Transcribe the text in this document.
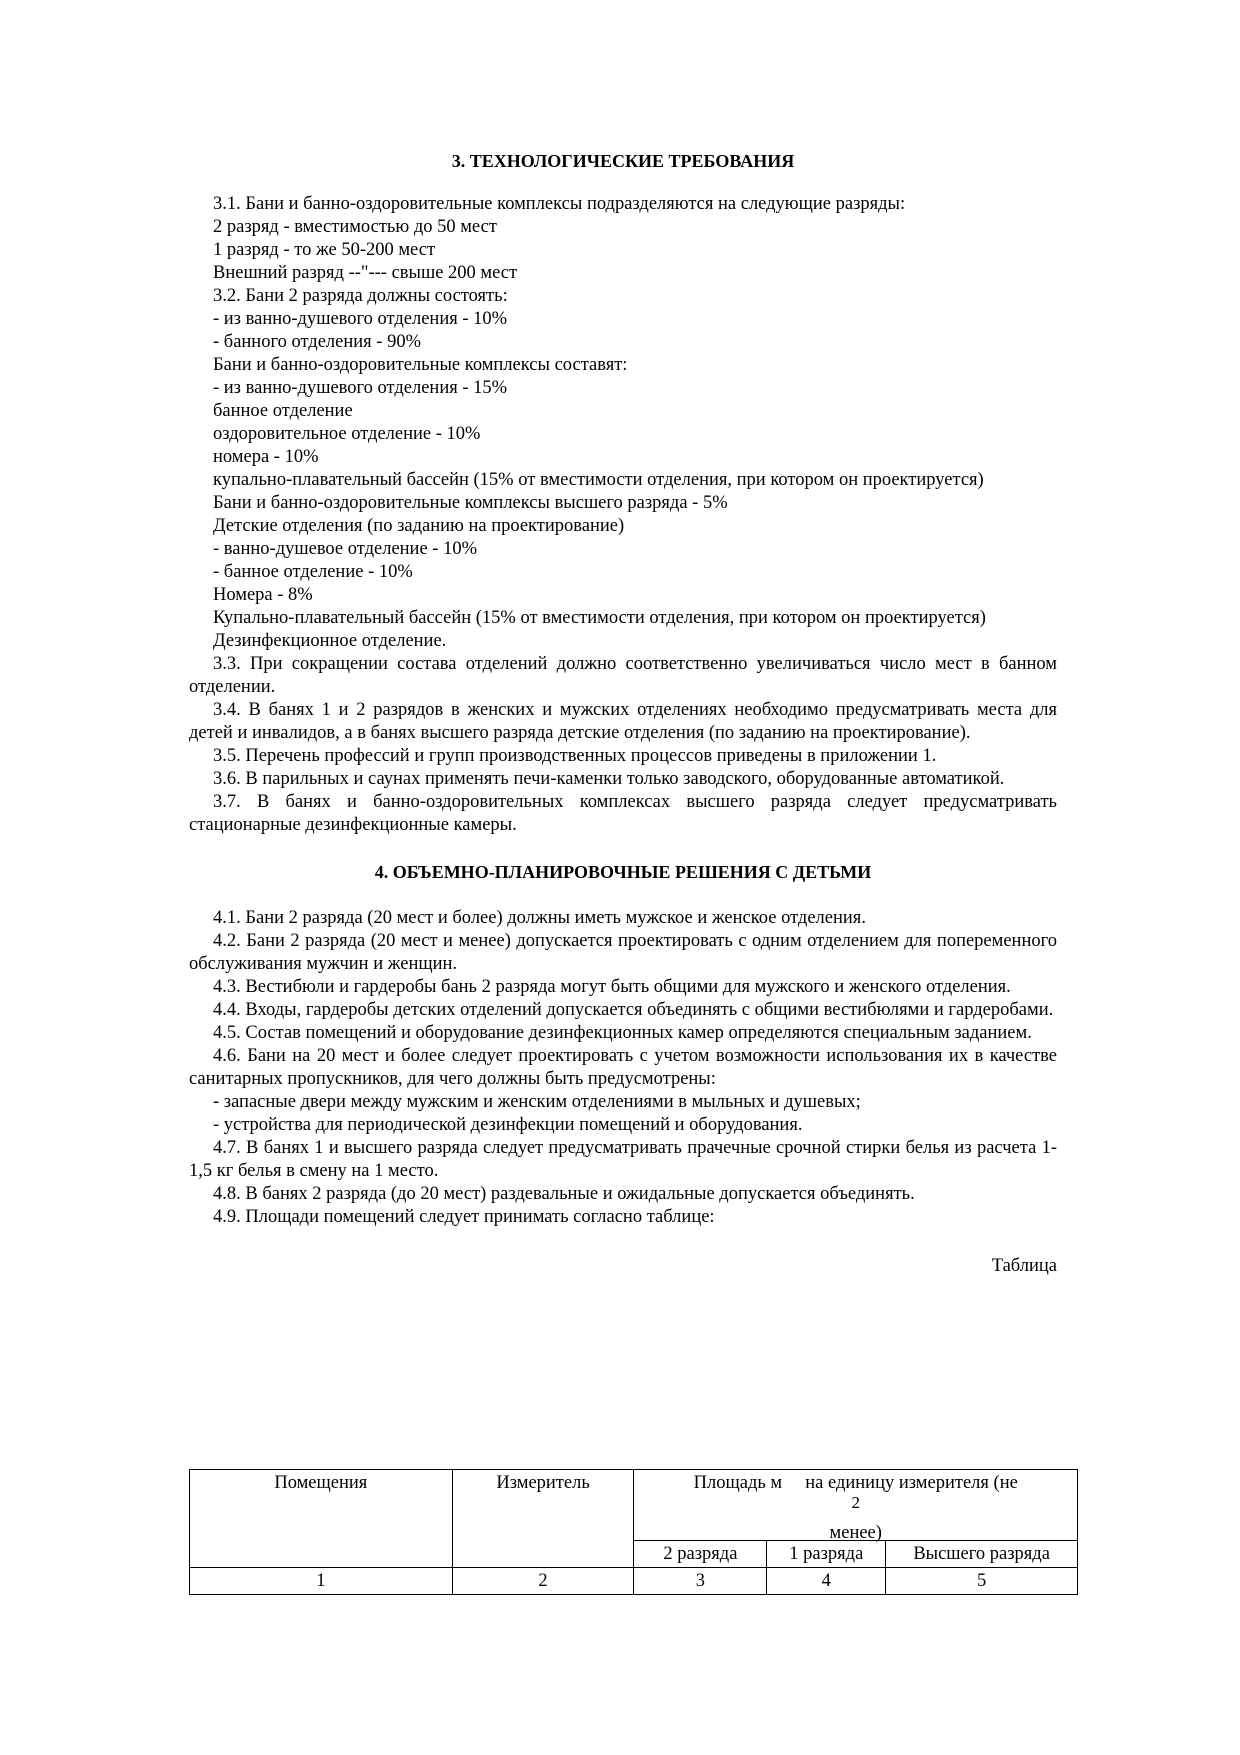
3. ТЕХНОЛОГИЧЕСКИЕ ТРЕБОВАНИЯ

3.1. Бани и банно-оздоровительные комплексы подразделяются на следующие разряды:

2 разряд - вместимостью до 50 мест

1 разряд - то же 50-200 мест

Внешний разряд --"--- свыше 200 мест

3.2. Бани 2 разряда должны состоять:

- из ванно-душевого отделения - 10%

- банного отделения - 90%

Бани и банно-оздоровительные комплексы составят:

- из ванно-душевого отделения - 15%

банное отделение

оздоровительное отделение - 10%

номера - 10%

купально-плавательный бассейн (15% от вместимости отделения, при котором он проектируется)

Бани и банно-оздоровительные комплексы высшего разряда - 5%

Детские отделения (по заданию на проектирование)

- ванно-душевое отделение - 10%

- банное отделение - 10%

Номера - 8%

Купально-плавательный бассейн (15% от вместимости отделения, при котором он проектируется)

Дезинфекционное отделение.

3.3. При сокращении состава отделений должно соответственно увеличиваться число мест в банном отделении.

3.4. В банях 1 и 2 разрядов в женских и мужских отделениях необходимо предусматривать места для детей и инвалидов, а в банях высшего разряда детские отделения (по заданию на проектирование).

3.5. Перечень профессий и групп производственных процессов приведены в приложении 1.

3.6. В парильных и саунах применять печи-каменки только заводского, оборудованные автоматикой.

3.7. В банях и банно-оздоровительных комплексах высшего разряда следует предусматривать стационарные дезинфекционные камеры.

4. ОБЪЕМНО-ПЛАНИРОВОЧНЫЕ РЕШЕНИЯ С ДЕТЬМИ

4.1. Бани 2 разряда (20 мест и более) должны иметь мужское и женское отделения.

4.2. Бани 2 разряда (20 мест и менее) допускается проектировать с одним отделением для попеременного обслуживания мужчин и женщин.

4.3. Вестибюли и гардеробы бань 2 разряда могут быть общими для мужского и женского отделения.

4.4. Входы, гардеробы детских отделений допускается объединять с общими вестибюлями и гардеробами.

4.5. Состав помещений и оборудование дезинфекционных камер определяются специальным заданием.

4.6. Бани на 20 мест и более следует проектировать с учетом возможности использования их в качестве санитарных пропускников, для чего должны быть предусмотрены:

- запасные двери между мужским и женским отделениями в мыльных и душевых;

- устройства для периодической дезинфекции помещений и оборудования.

4.7. В банях 1 и высшего разряда следует предусматривать прачечные срочной стирки белья из расчета 1-1,5 кг белья в смену на 1 место.

4.8. В банях 2 разряда (до 20 мест) раздевальные и ожидальные допускается объединять.

4.9. Площади помещений следует принимать согласно таблице:

Таблица
Помещения	Измеритель	Площадь м     на единицу измерителя (не
2
менее)		

		2 разряда	1 разряда	Высшего разряда
1	2	3	4	5
